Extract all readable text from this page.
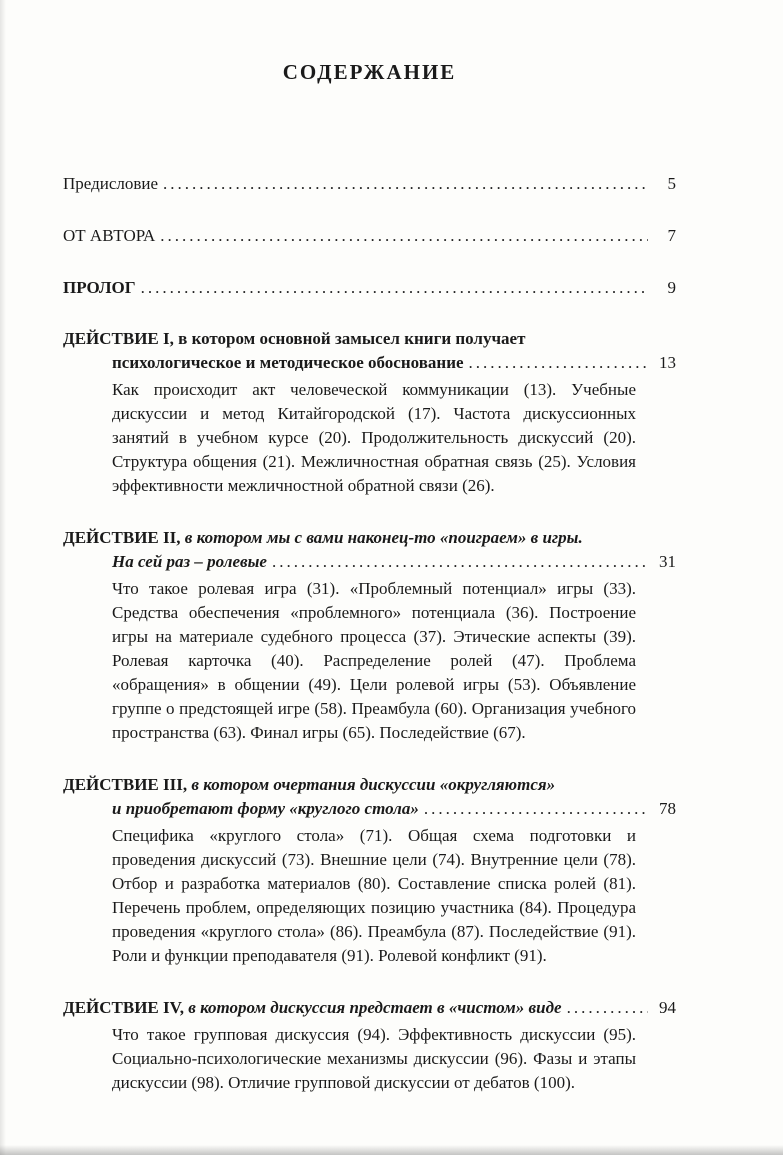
СОДЕРЖАНИЕ
Предисловие .....	5
ОТ АВТОРА .....	7
ПРОЛОГ .....	9
ДЕЙСТВИЕ I, в котором основной замысел книги получает
психологическое и методическое обоснование .....	13

Как происходит акт человеческой коммуникации (13). Учебные дискуссии и метод Китайгородской (17). Частота дискуссионных занятий в учебном курсе (20). Продолжительность дискуссий (20). Структура общения (21). Межличностная обратная связь (25). Условия эффективности межличностной обратной связи (26).

ДЕЙСТВИЕ II, в котором мы с вами наконец-то «поиграем» в игры.
На сей раз – ролевые .....	31

Что такое ролевая игра (31). «Проблемный потенциал» игры (33). Средства обеспечения «проблемного» потенциала (36). Построение игры на материале судебного процесса (37). Этические аспекты (39). Ролевая карточка (40). Распределение ролей (47). Проблема «обращения» в общении (49). Цели ролевой игры (53). Объявление группе о предстоящей игре (58). Преамбула (60). Организация учебного пространства (63). Финал игры (65). Последействие (67).

ДЕЙСТВИЕ III, в котором очертания дискуссии «округляются»
и приобретают форму «круглого стола» .....	78

Специфика «круглого стола» (71). Общая схема подготовки и проведения дискуссий (73). Внешние цели (74). Внутренние цели (78). Отбор и разработка материалов (80). Составление списка ролей (81). Перечень проблем, определяющих позицию участника (84). Процедура проведения «круглого стола» (86). Преамбула (87). Последействие (91). Роли и функции преподавателя (91). Ролевой конфликт (91).

ДЕЙСТВИЕ IV, в котором дискуссия предстает в «чистом» виде .....	94

Что такое групповая дискуссия (94). Эффективность дискуссии (95). Социально-психологические механизмы дискуссии (96). Фазы и этапы дискуссии (98). Отличие групповой дискуссии от дебатов (100).
